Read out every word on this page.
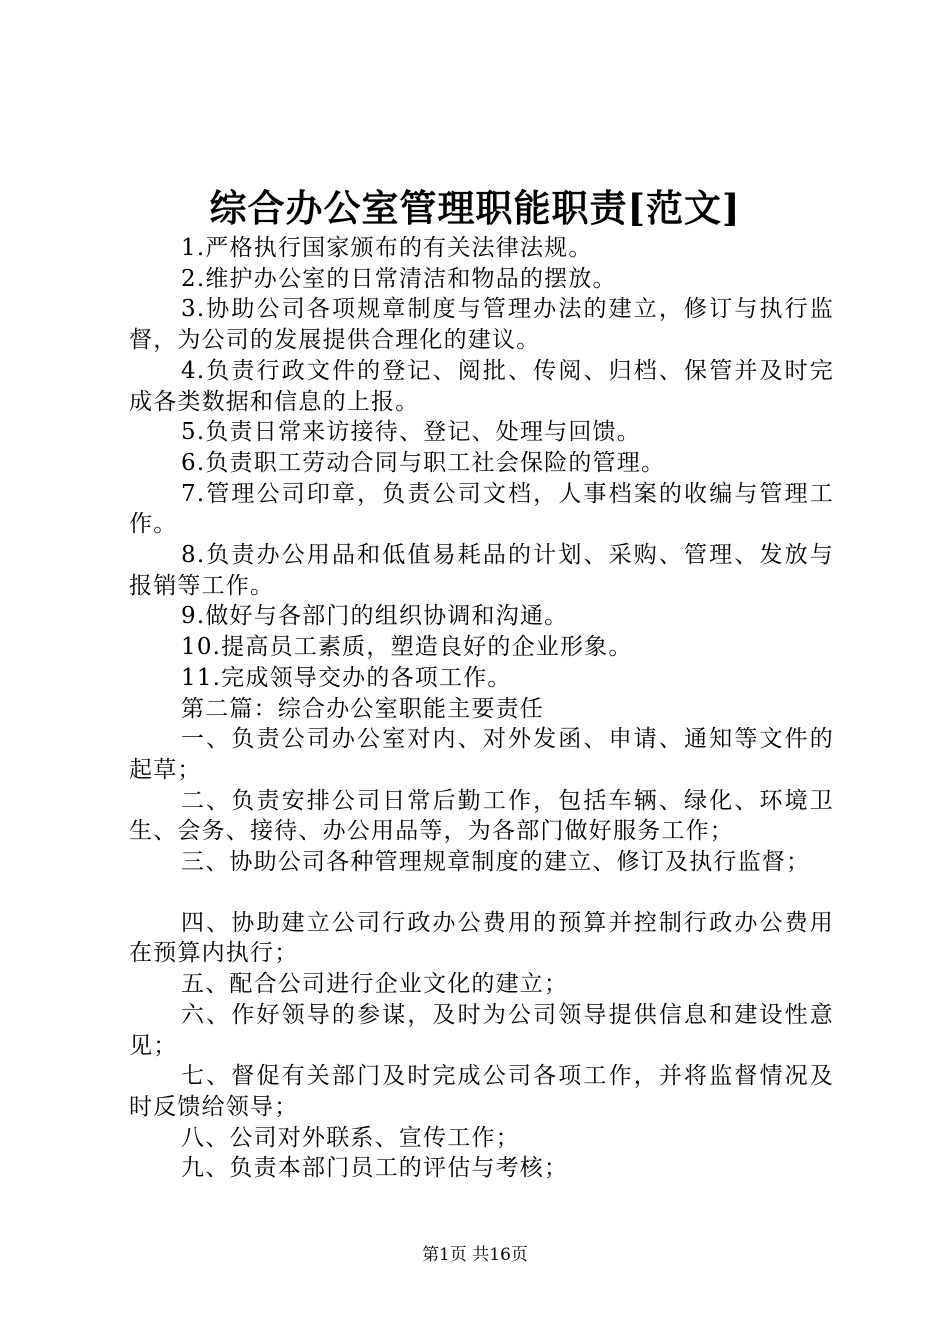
综合办公室管理职能职责[范文]

1.严格执行国家颁布的有关法律法规。

2.维护办公室的日常清洁和物品的摆放。

3.协助公司各项规章制度与管理办法的建立，修订与执行监督，为公司的发展提供合理化的建议。

4.负责行政文件的登记、阅批、传阅、归档、保管并及时完成各类数据和信息的上报。

5.负责日常来访接待、登记、处理与回馈。

6.负责职工劳动合同与职工社会保险的管理。

7.管理公司印章，负责公司文档，人事档案的收编与管理工作。

8.负责办公用品和低值易耗品的计划、采购、管理、发放与报销等工作。

9.做好与各部门的组织协调和沟通。

10.提高员工素质，塑造良好的企业形象。

11.完成领导交办的各项工作。

第二篇：综合办公室职能主要责任

一、负责公司办公室对内、对外发函、申请、通知等文件的起草；

二、负责安排公司日常后勤工作，包括车辆、绿化、环境卫生、会务、接待、办公用品等，为各部门做好服务工作；

三、协助公司各种管理规章制度的建立、修订及执行监督；

四、协助建立公司行政办公费用的预算并控制行政办公费用在预算内执行；

五、配合公司进行企业文化的建立；

六、作好领导的参谋，及时为公司领导提供信息和建设性意见；

七、督促有关部门及时完成公司各项工作，并将监督情况及时反馈给领导；

八、公司对外联系、宣传工作；

九、负责本部门员工的评估与考核；

第1页 共16页
